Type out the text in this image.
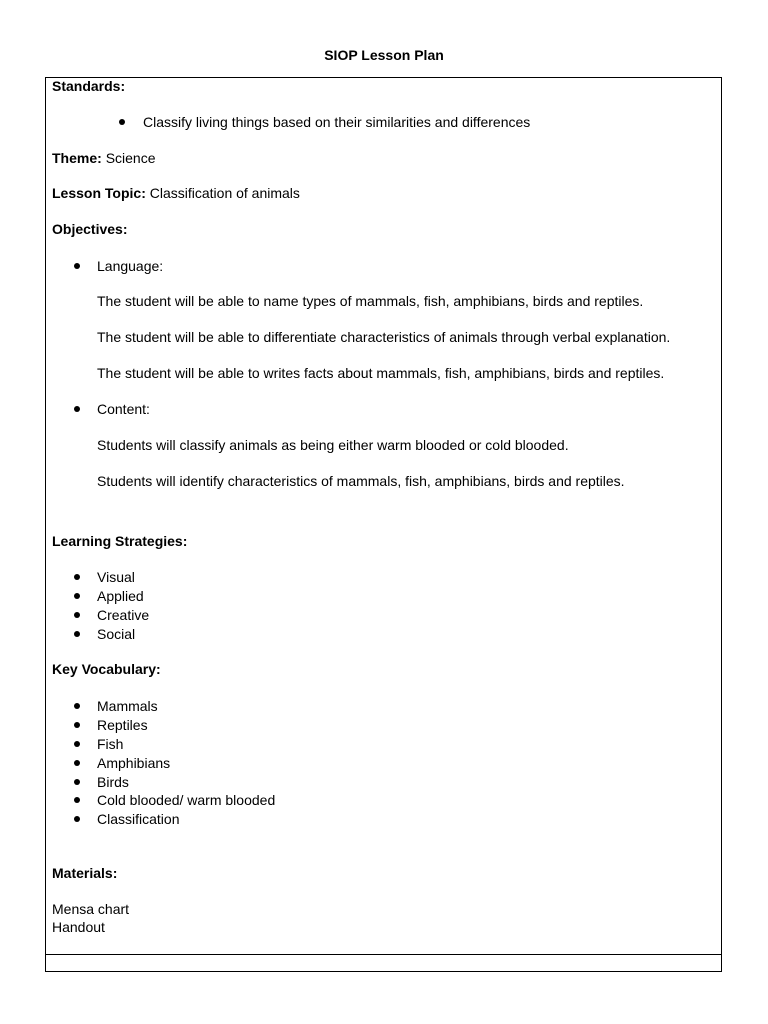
SIOP Lesson Plan
Standards:
Classify living things based on their similarities and differences
Theme: Science
Lesson Topic: Classification of animals
Objectives:
Language:
The student will be able to name types of mammals, fish, amphibians, birds and reptiles.
The student will be able to differentiate characteristics of animals through verbal explanation.
The student will be able to writes facts about mammals, fish, amphibians, birds and reptiles.
Content:
Students will classify animals as being either warm blooded or cold blooded.
Students will identify characteristics of mammals, fish, amphibians, birds and reptiles.
Learning Strategies:
Visual
Applied
Creative
Social
Key Vocabulary:
Mammals
Reptiles
Fish
Amphibians
Birds
Cold blooded/ warm blooded
Classification
Materials:
Mensa chart
Handout
